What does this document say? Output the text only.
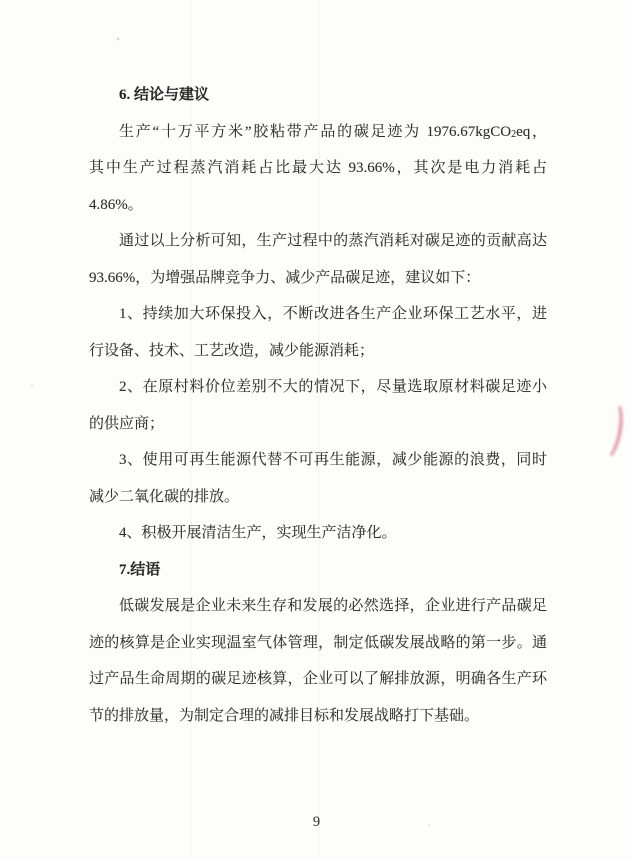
6. 结论与建议
生产“十万平方米”胶粘带产品的碳足迹为 1976.67kgCO2eq，
其中生产过程蒸汽消耗占比最大达 93.66%，其次是电力消耗占
4.86%。
通过以上分析可知，生产过程中的蒸汽消耗对碳足迹的贡献高达
93.66%，为增强品牌竞争力、减少产品碳足迹，建议如下：
1、持续加大环保投入，不断改进各生产企业环保工艺水平，进
行设备、技术、工艺改造，减少能源消耗；
2、在原村料价位差别不大的情况下，尽量选取原材料碳足迹小
的供应商；
3、使用可再生能源代替不可再生能源，减少能源的浪费，同时
减少二氧化碳的排放。
4、积极开展清洁生产，实现生产洁净化。
7.结语
低碳发展是企业未来生存和发展的必然选择，企业进行产品碳足
迹的核算是企业实现温室气体管理，制定低碳发展战略的第一步。通
过产品生命周期的碳足迹核算，企业可以了解排放源，明确各生产环
节的排放量，为制定合理的减排目标和发展战略打下基础。
9
